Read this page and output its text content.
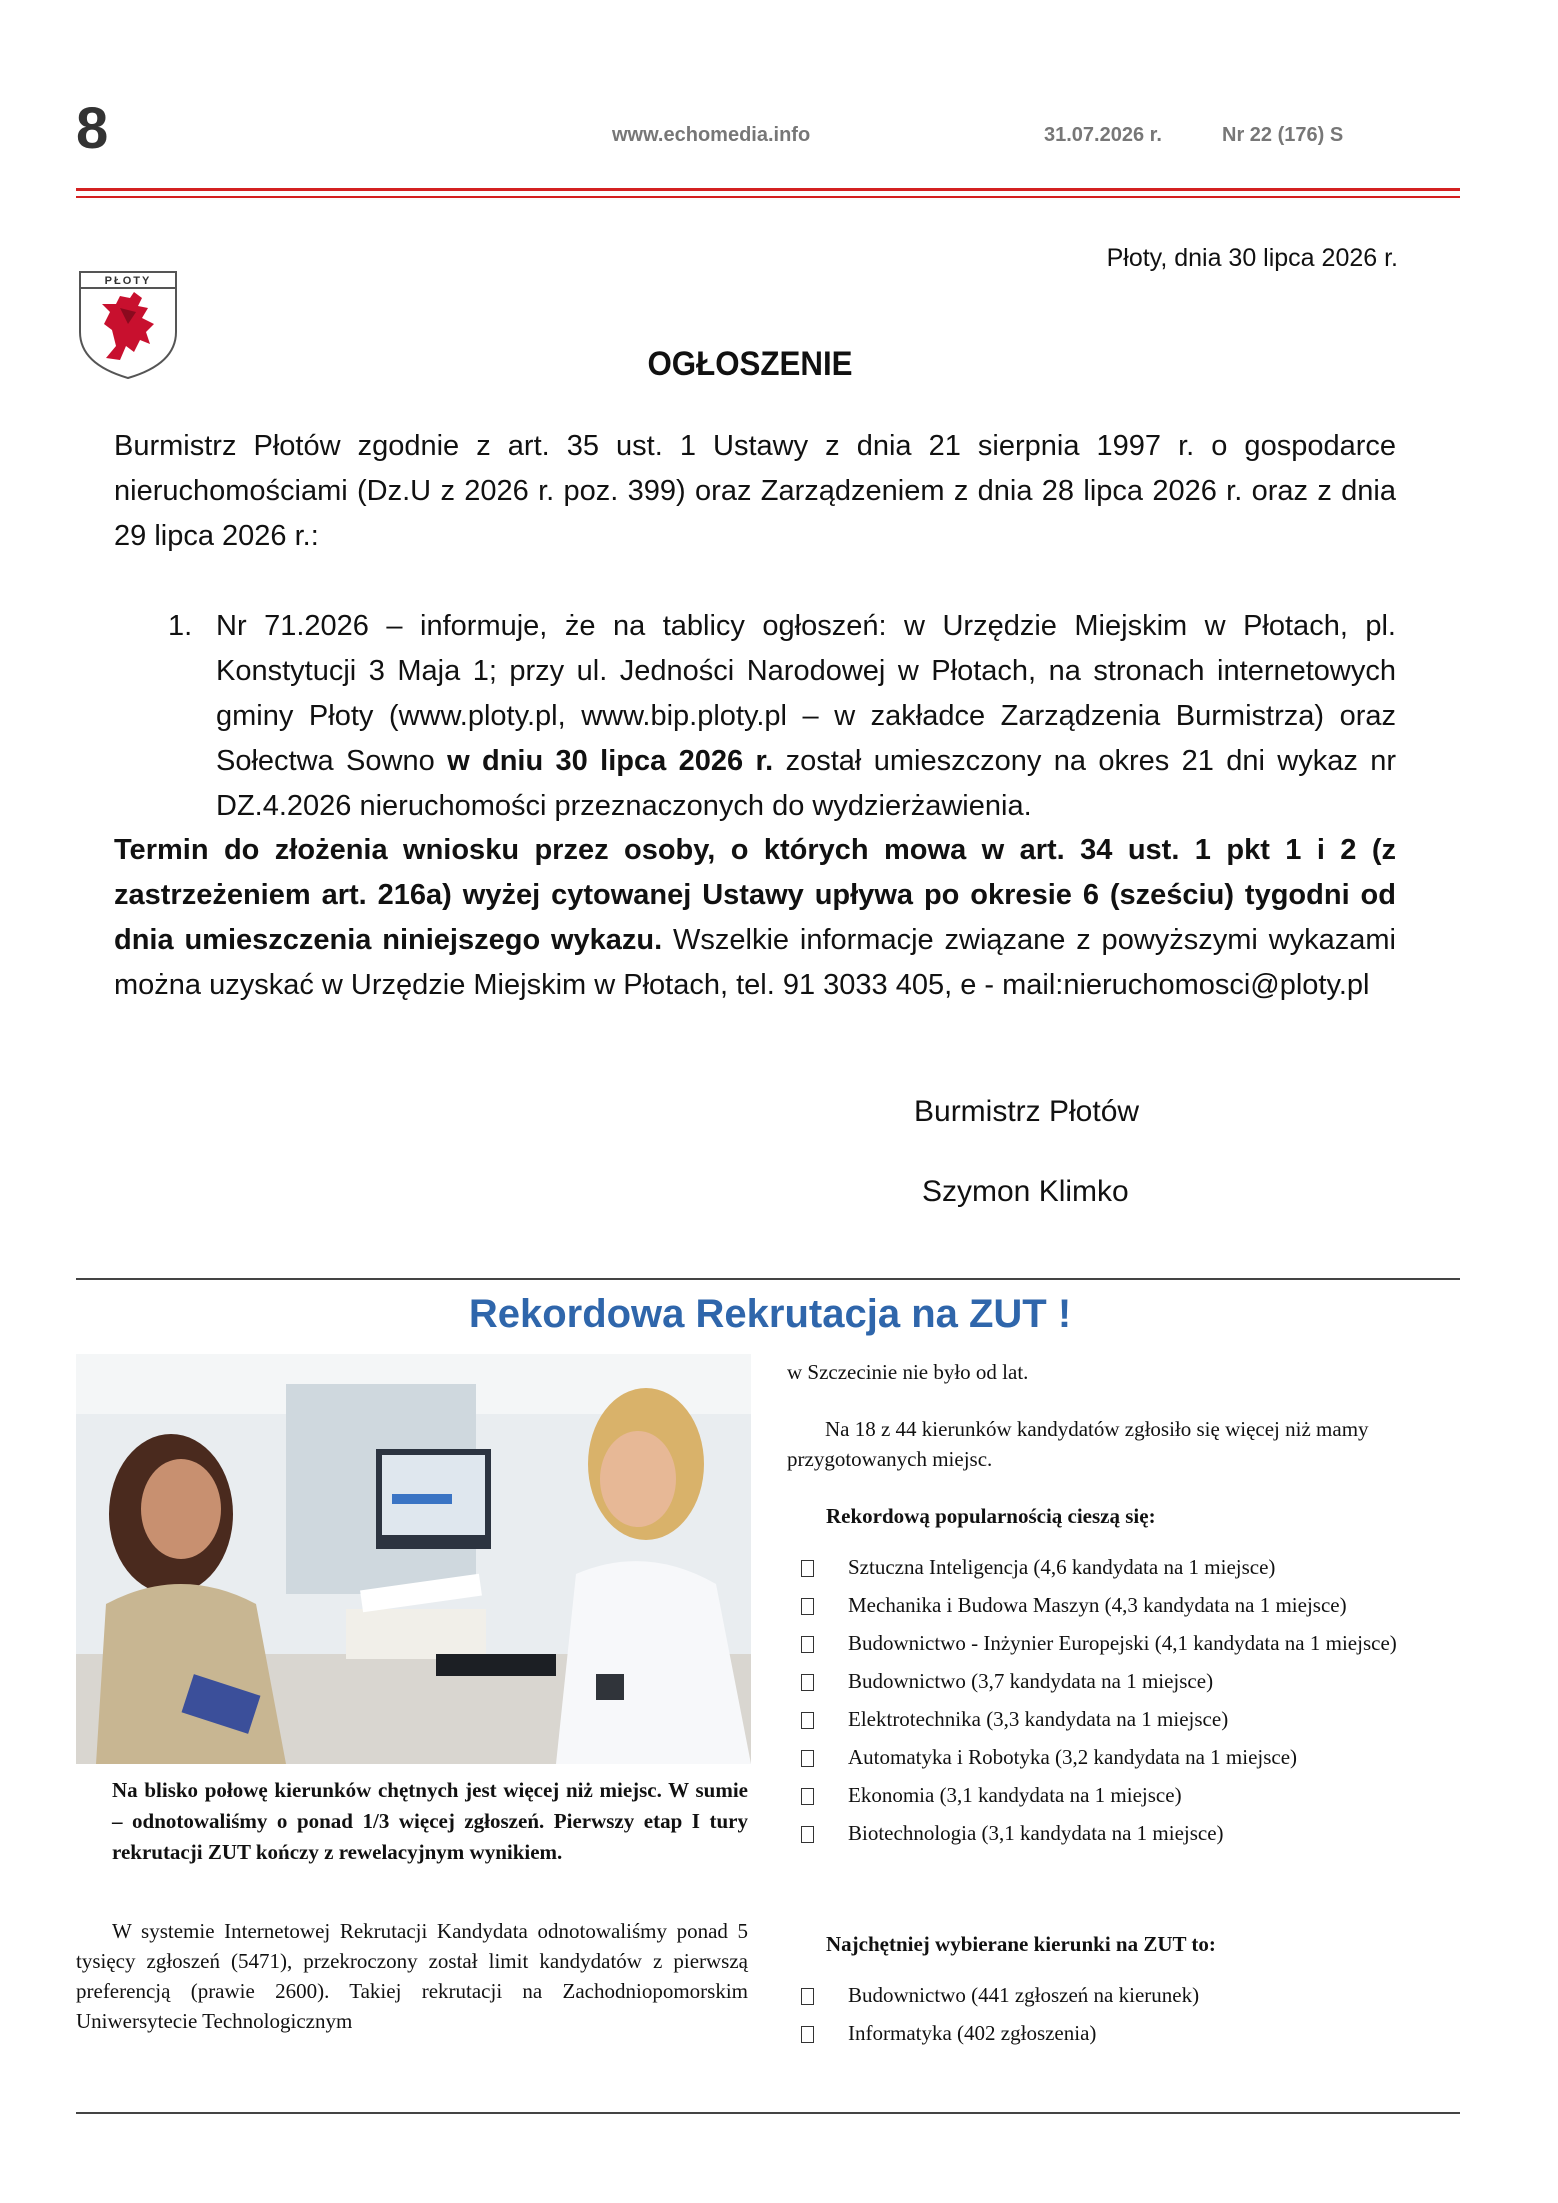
8	www.echomedia.info	31.07.2026 r.	Nr 22 (176) S
PŁOTY
Płoty, dnia 30 lipca 2026 r.
OGŁOSZENIE
Burmistrz Płotów zgodnie z art. 35 ust. 1 Ustawy z dnia 21 sierpnia 1997 r. o gospodarce nieruchomościami (Dz.U z 2026 r. poz. 399) oraz Zarządzeniem z dnia 28 lipca 2026 r. oraz z dnia 29 lipca 2026 r.:
1. Nr 71.2026 – informuje, że na tablicy ogłoszeń: w Urzędzie Miejskim w Płotach, pl. Konstytucji 3 Maja 1; przy ul. Jedności Narodowej w Płotach, na stronach internetowych gminy Płoty (www.ploty.pl, www.bip.ploty.pl – w zakładce Zarządzenia Burmistrza) oraz Sołectwa Sowno w dniu 30 lipca 2026 r. został umieszczony na okres 21 dni wykaz nr DZ.4.2026 nieruchomości przeznaczonych do wydzierżawienia.
Termin do złożenia wniosku przez osoby, o których mowa w art. 34 ust. 1 pkt 1 i 2 (z zastrzeżeniem art. 216a) wyżej cytowanej Ustawy upływa po okresie 6 (sześciu) tygodni od dnia umieszczenia niniejszego wykazu. Wszelkie informacje związane z powyższymi wykazami można uzyskać w Urzędzie Miejskim w Płotach, tel. 91 3033 405, e - mail:nieruchomosci@ploty.pl
Burmistrz Płotów
Szymon Klimko
Rekordowa Rekrutacja na ZUT !
Na blisko połowę kierunków chętnych jest więcej niż miejsc. W sumie – odnotowaliśmy o ponad 1/3 więcej zgłoszeń. Pierwszy etap I tury rekrutacji ZUT kończy z rewelacyjnym wynikiem.
W systemie Internetowej Rekrutacji Kandydata odnotowaliśmy ponad 5 tysięcy zgłoszeń (5471), przekroczony został limit kandydatów z pierwszą preferencją (prawie 2600). Takiej rekrutacji na Zachodniopomorskim Uniwersytecie Technologicznym
w Szczecinie nie było od lat.
Na 18 z 44 kierunków kandydatów zgłosiło się więcej niż mamy przygotowanych miejsc.
Rekordową popularnością cieszą się:
Sztuczna Inteligencja (4,6 kandydata na 1 miejsce)
Mechanika i Budowa Maszyn (4,3 kandydata na 1 miejsce)
Budownictwo - Inżynier Europejski (4,1 kandydata na 1 miejsce)
Budownictwo (3,7 kandydata na 1 miejsce)
Elektrotechnika (3,3 kandydata na 1 miejsce)
Automatyka i Robotyka (3,2 kandydata na 1 miejsce)
Ekonomia (3,1 kandydata na 1 miejsce)
Biotechnologia (3,1 kandydata na 1 miejsce)
Najchętniej wybierane kierunki na ZUT to:
Budownictwo (441 zgłoszeń na kierunek)
Informatyka (402 zgłoszenia)
